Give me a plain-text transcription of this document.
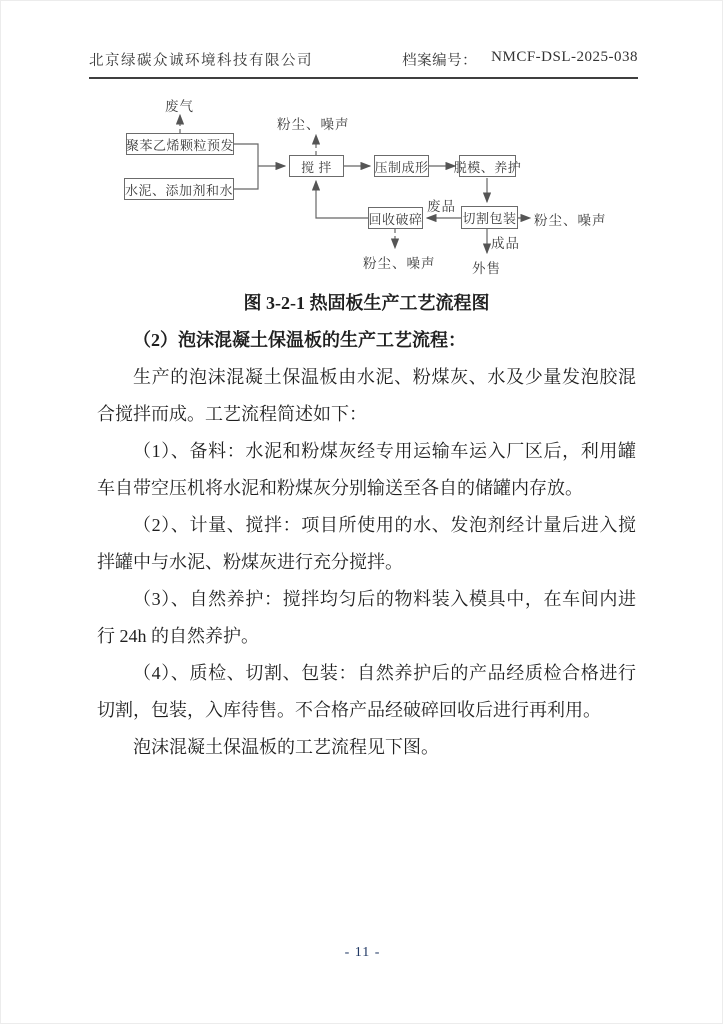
北京绿碳众诚环境科技有限公司	档案编号： NMCF-DSL-2025-038
聚苯乙烯颗粒预发
水泥、添加剂和水
搅 拌	压制成形 脱模、养护
切割包装
回收破碎
废气
粉尘、噪声
废品
粉尘、噪声
成品
外售
粉尘、噪声

图 3-2-1 热固板生产工艺流程图

（2）泡沫混凝土保温板的生产工艺流程：

生产的泡沫混凝土保温板由水泥、粉煤灰、水及少量发泡胶混合搅拌而成。工艺流程简述如下：

（1）、备料：水泥和粉煤灰经专用运输车运入厂区后，利用罐车自带空压机将水泥和粉煤灰分别输送至各自的储罐内存放。

（2）、计量、搅拌：项目所使用的水、发泡剂经计量后进入搅拌罐中与水泥、粉煤灰进行充分搅拌。

（3）、自然养护：搅拌均匀后的物料装入模具中，在车间内进行 24h 的自然养护。

（4）、质检、切割、包装：自然养护后的产品经质检合格进行切割，包装，入库待售。不合格产品经破碎回收后进行再利用。

泡沫混凝土保温板的工艺流程见下图。

- 11 -
